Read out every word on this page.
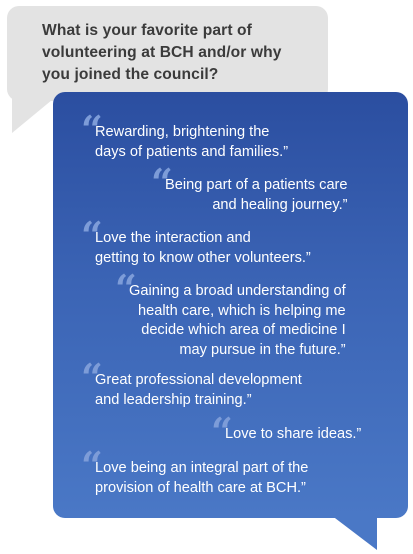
What is your favorite part of
volunteering at BCH and/or why
you joined the council?

“
Rewarding, brightening the
days of patients and families.”
“
Being part of a patients care
and healing journey.”
“
Love the interaction and
getting to know other volunteers.”
“
Gaining a broad understanding of
health care, which is helping me
decide which area of medicine I
may pursue in the future.”
“
Great professional development
and leadership training.”
“
Love to share ideas.”
“
Love being an integral part of the
provision of health care at BCH.”
